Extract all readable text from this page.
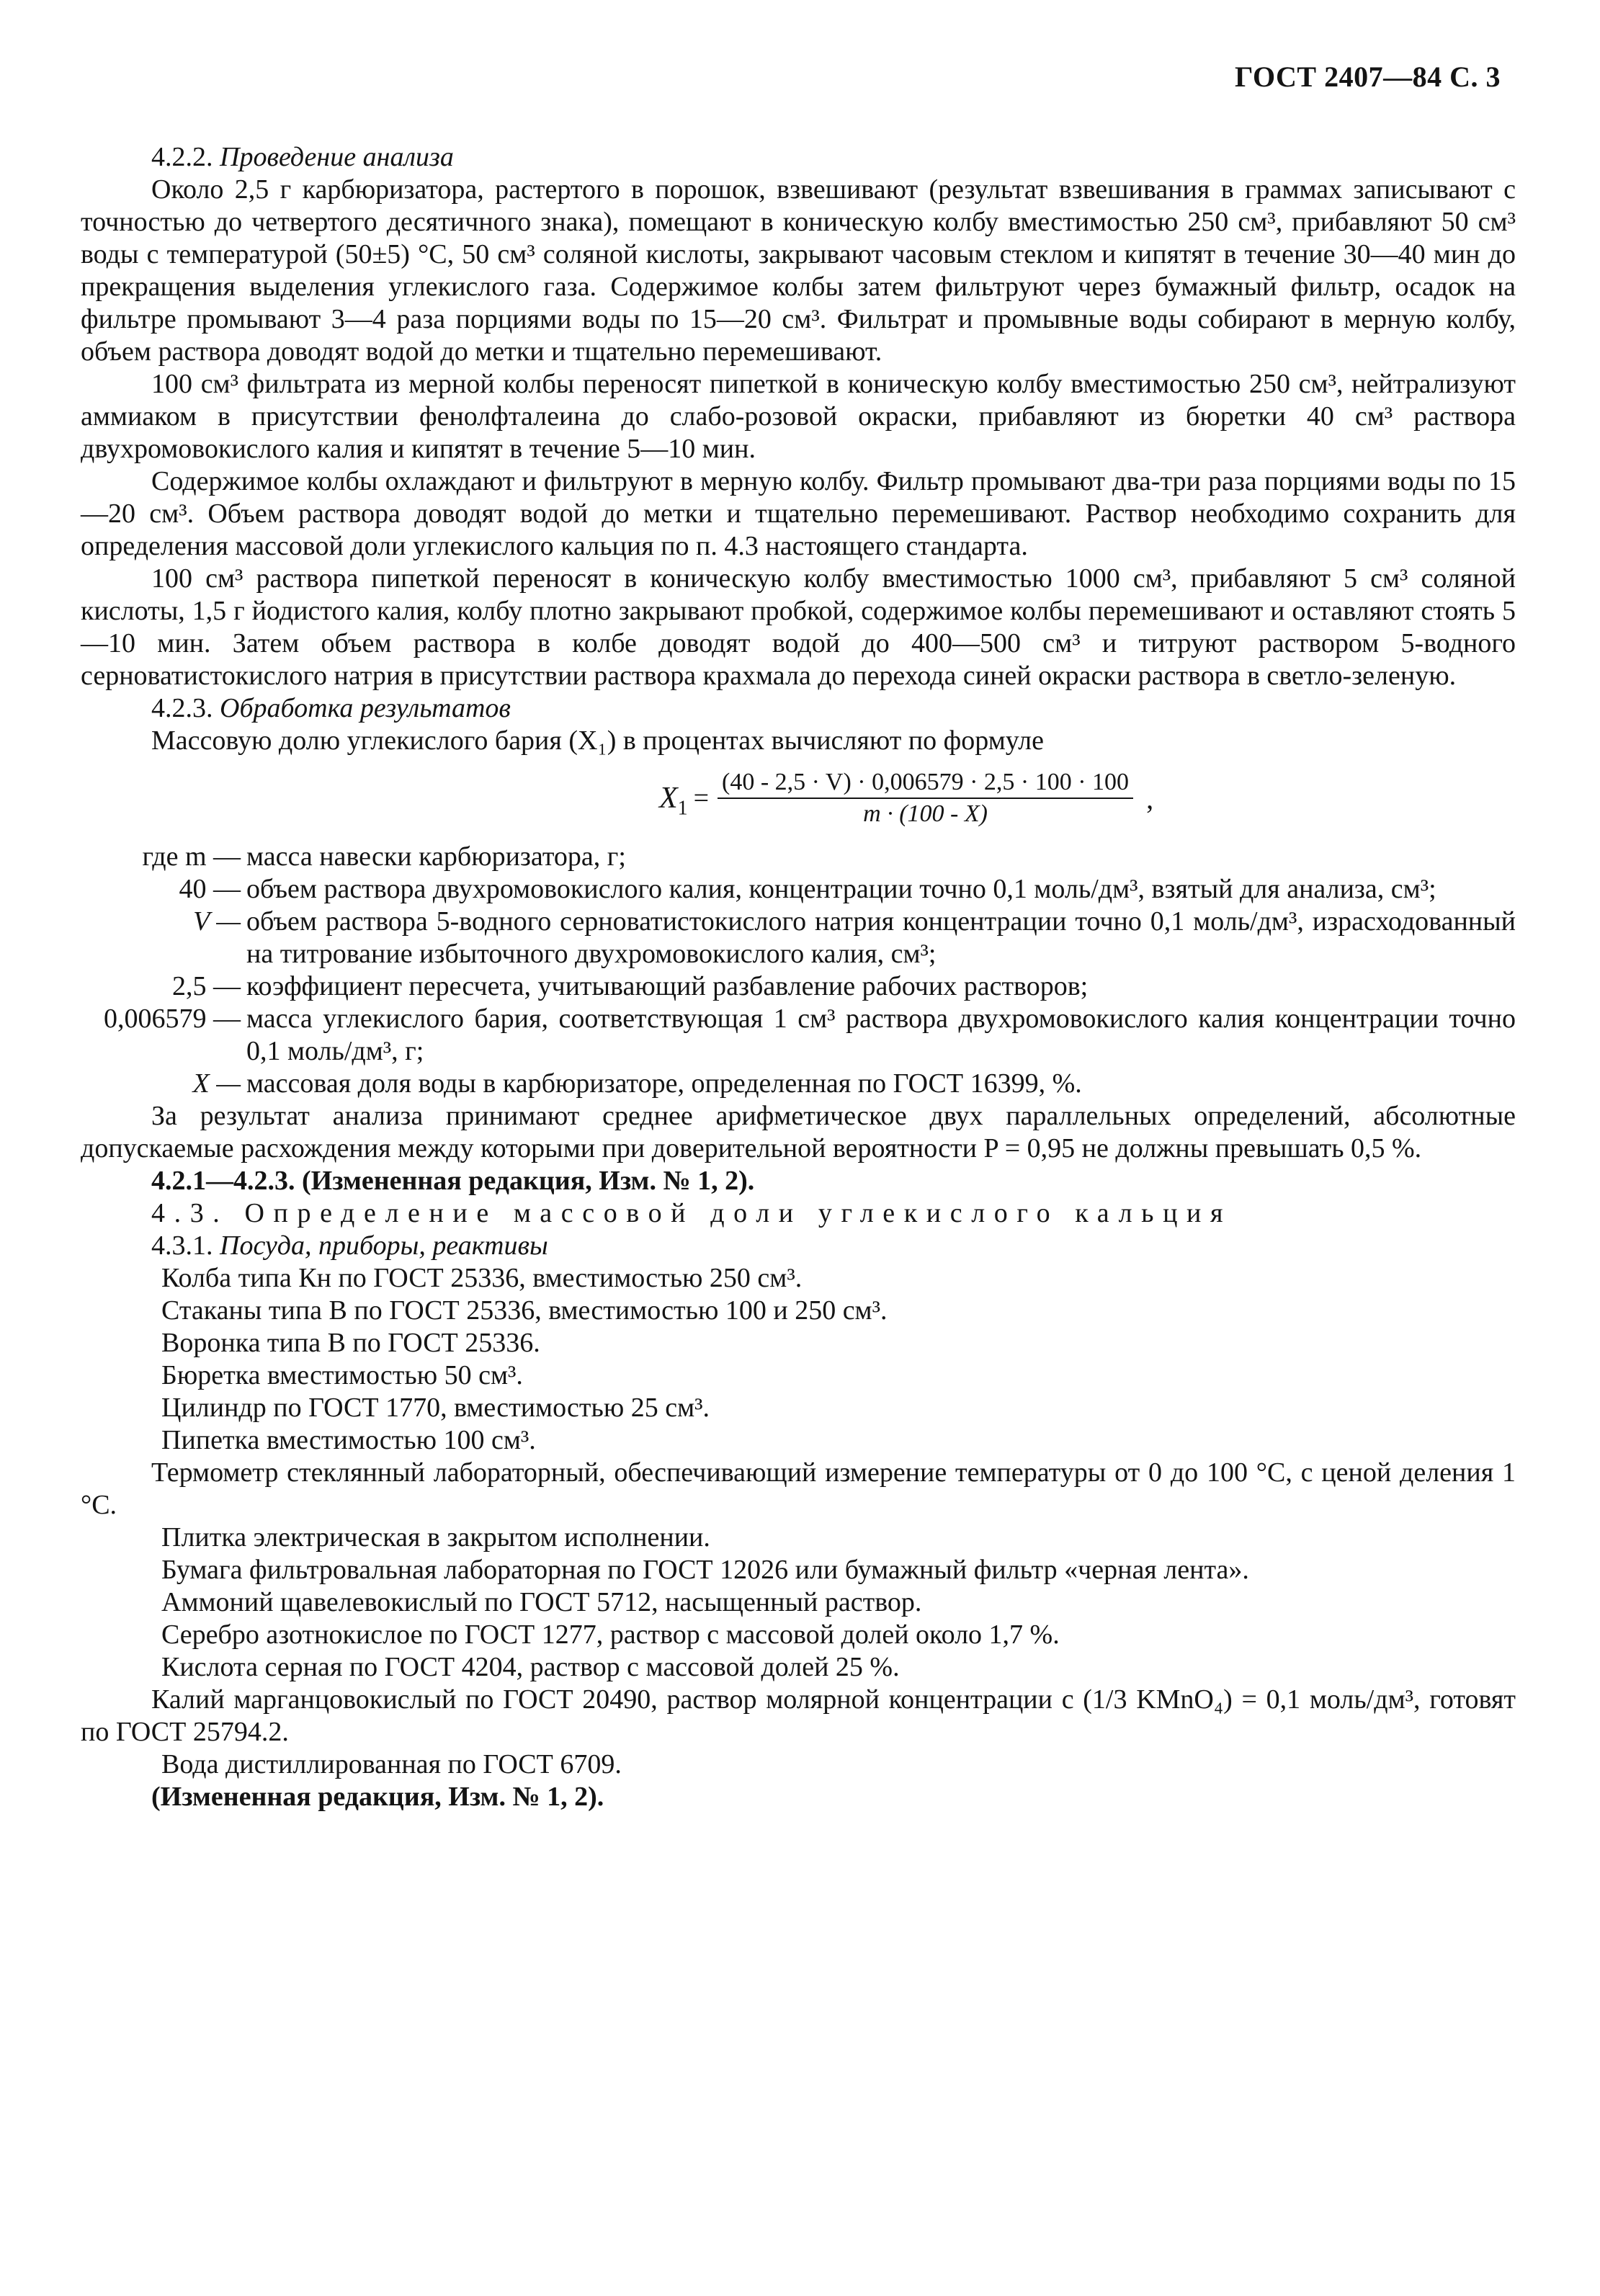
ГОСТ 2407—84 С. 3

4.2.2. Проведение анализа

Около 2,5 г карбюризатора, растертого в порошок, взвешивают (результат взвешивания в граммах записывают с точностью до четвертого десятичного знака), помещают в коническую колбу вместимостью 250 см³, прибавляют 50 см³ воды с температурой (50±5) °С, 50 см³ соляной кислоты, закрывают часовым стеклом и кипятят в течение 30—40 мин до прекращения выделения углекислого газа. Содержимое колбы затем фильтруют через бумажный фильтр, осадок на фильтре промывают 3—4 раза порциями воды по 15—20 см³. Фильтрат и промывные воды собирают в мерную колбу, объем раствора доводят водой до метки и тщательно перемешивают.

100 см³ фильтрата из мерной колбы переносят пипеткой в коническую колбу вместимостью 250 см³, нейтрализуют аммиаком в присутствии фенолфталеина до слабо-розовой окраски, прибавляют из бюретки 40 см³ раствора двухромовокислого калия и кипятят в течение 5—10 мин.

Содержимое колбы охлаждают и фильтруют в мерную колбу. Фильтр промывают два-три раза порциями воды по 15—20 см³. Объем раствора доводят водой до метки и тщательно перемешивают. Раствор необходимо сохранить для определения массовой доли углекислого кальция по п. 4.3 настоящего стандарта.

100 см³ раствора пипеткой переносят в коническую колбу вместимостью 1000 см³, прибавляют 5 см³ соляной кислоты, 1,5 г йодистого калия, колбу плотно закрывают пробкой, содержимое колбы перемешивают и оставляют стоять 5—10 мин. Затем объем раствора в колбе доводят водой до 400—500 см³ и титруют раствором 5-водного серноватистокислого натрия в присутствии раствора крахмала до перехода синей окраски раствора в светло-зеленую.

4.2.3. Обработка результатов

Массовую долю углекислого бария (X₁) в процентах вычисляют по формуле

$X_1 = \frac{(40 - 2,5 \cdot V) \cdot 0,006579 \cdot 2,5 \cdot 100 \cdot 100}{m \cdot (100 - X)}$ ,
где m — масса навески карбюризатора, г;
40 — объем раствора двухромовокислого калия, концентрации точно 0,1 моль/дм³, взятый для анализа, см³;
V — объем раствора 5-водного серноватистокислого натрия концентрации точно 0,1 моль/дм³, израсходованный на титрование избыточного двухромовокислого калия, см³;
2,5 — коэффициент пересчета, учитывающий разбавление рабочих растворов;
0,006579 — масса углекислого бария, соответствующая 1 см³ раствора двухромовокислого калия концентрации точно 0,1 моль/дм³, г;
X — массовая доля воды в карбюризаторе, определенная по ГОСТ 16399, %.

За результат анализа принимают среднее арифметическое двух параллельных определений, абсолютные допускаемые расхождения между которыми при доверительной вероятности P = 0,95 не должны превышать 0,5 %.

4.2.1—4.2.3. (Измененная редакция, Изм. № 1, 2).

4.3. Определение массовой доли углекислого кальция

4.3.1. Посуда, приборы, реактивы

Колба типа Кн по ГОСТ 25336, вместимостью 250 см³.

Стаканы типа В по ГОСТ 25336, вместимостью 100 и 250 см³.

Воронка типа В по ГОСТ 25336.

Бюретка вместимостью 50 см³.

Цилиндр по ГОСТ 1770, вместимостью 25 см³.

Пипетка вместимостью 100 см³.

Термометр стеклянный лабораторный, обеспечивающий измерение температуры от 0 до 100 °С, с ценой деления 1 °С.

Плитка электрическая в закрытом исполнении.

Бумага фильтровальная лабораторная по ГОСТ 12026 или бумажный фильтр «черная лента».

Аммоний щавелевокислый по ГОСТ 5712, насыщенный раствор.

Серебро азотнокислое по ГОСТ 1277, раствор с массовой долей около 1,7 %.

Кислота серная по ГОСТ 4204, раствор с массовой долей 25 %.

Калий марганцовокислый по ГОСТ 20490, раствор молярной концентрации с (1/3 KMnO₄) = 0,1 моль/дм³, готовят по ГОСТ 25794.2.

Вода дистиллированная по ГОСТ 6709.

(Измененная редакция, Изм. № 1, 2).
